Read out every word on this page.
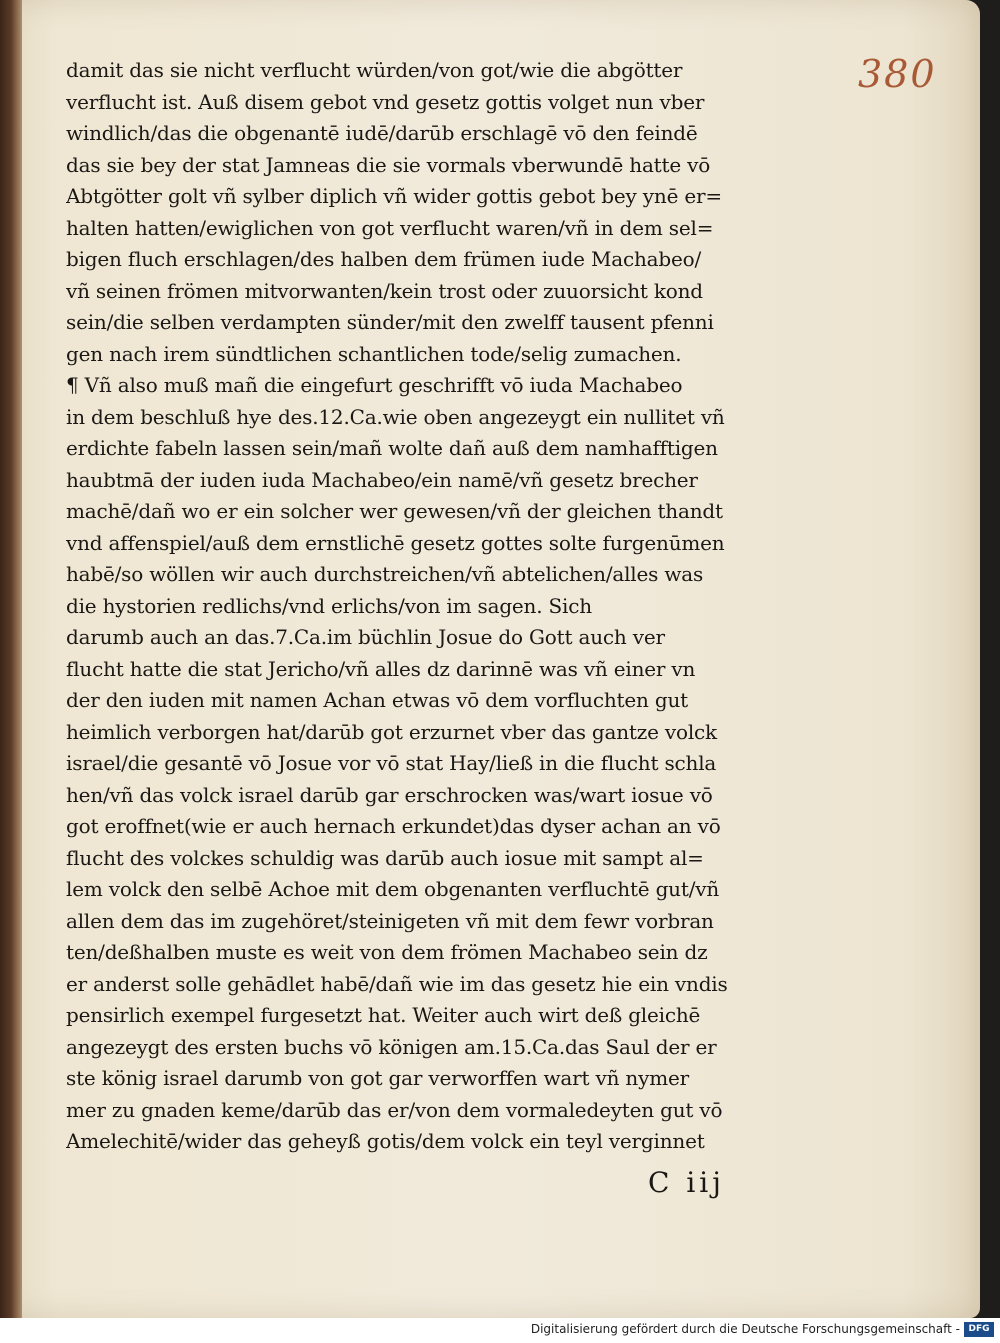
380
damit das sie nicht verflucht würden/von got/wie die abgötter
verflucht ist. Auß disem gebot vnd gesetz gottis volget nun vber
windlich/das die obgenantē iudē/darūb erschlagē vō den feindē
das sie bey der stat Jamneas die sie vormals vberwundē hatte vō
Abtgötter golt vñ sylber diplich vñ wider gottis gebot bey ynē er=
halten hatten/ewiglichen von got verflucht waren/vñ in dem sel=
bigen fluch erschlagen/des halben dem frümen iude Machabeo/
vñ seinen frömen mitvorwanten/kein trost oder zuuorsicht kond
sein/die selben verdampten sünder/mit den zwelff tausent pfenni
gen nach irem sündtlichen schantlichen tode/selig zumachen.
¶ Vñ also muß mañ die eingefurt geschrifft vō iuda Machabeo
in dem beschluß hye des.12.Ca.wie oben angezeygt ein nullitet vñ
erdichte fabeln lassen sein/mañ wolte dañ auß dem namhafftigen
haubtmā der iuden iuda Machabeo/ein namē/vñ gesetz brecher
machē/dañ wo er ein solcher wer gewesen/vñ der gleichen thandt
vnd affenspiel/auß dem ernstlichē gesetz gottes solte furgenūmen
habē/so wöllen wir auch durchstreichen/vñ abtelichen/alles was
die hystorien redlichs/vnd erlichs/von im sagen. Sich
darumb auch an das.7.Ca.im büchlin Josue do Gott auch ver
flucht hatte die stat Jericho/vñ alles dz darinnē was vñ einer vn
der den iuden mit namen Achan etwas vō dem vorfluchten gut
heimlich verborgen hat/darūb got erzurnet vber das gantze volck
israel/die gesantē vō Josue vor vō stat Hay/ließ in die flucht schla
hen/vñ das volck israel darūb gar erschrocken was/wart iosue vō
got eroffnet(wie er auch hernach erkundet)das dyser achan an vō
flucht des volckes schuldig was darūb auch iosue mit sampt al=
lem volck den selbē Achoe mit dem obgenanten verfluchtē gut/vñ
allen dem das im zugehöret/steinigeten vñ mit dem fewr vorbran
ten/deßhalben muste es weit von dem frömen Machabeo sein dz
er anderst solle gehādlet habē/dañ wie im das gesetz hie ein vndis
pensirlich exempel furgesetzt hat. Weiter auch wirt deß gleichē
angezeygt des ersten buchs vō königen am.15.Ca.das Saul der er
ste könig israel darumb von got gar verworffen wart vñ nymer
mer zu gnaden keme/darūb das er/von dem vormaledeyten gut vō
Amelechitē/wider das geheyß gotis/dem volck ein teyl verginnet
C iij
Digitalisierung gefördert durch die Deutsche Forschungsgemeinschaft - DFG
